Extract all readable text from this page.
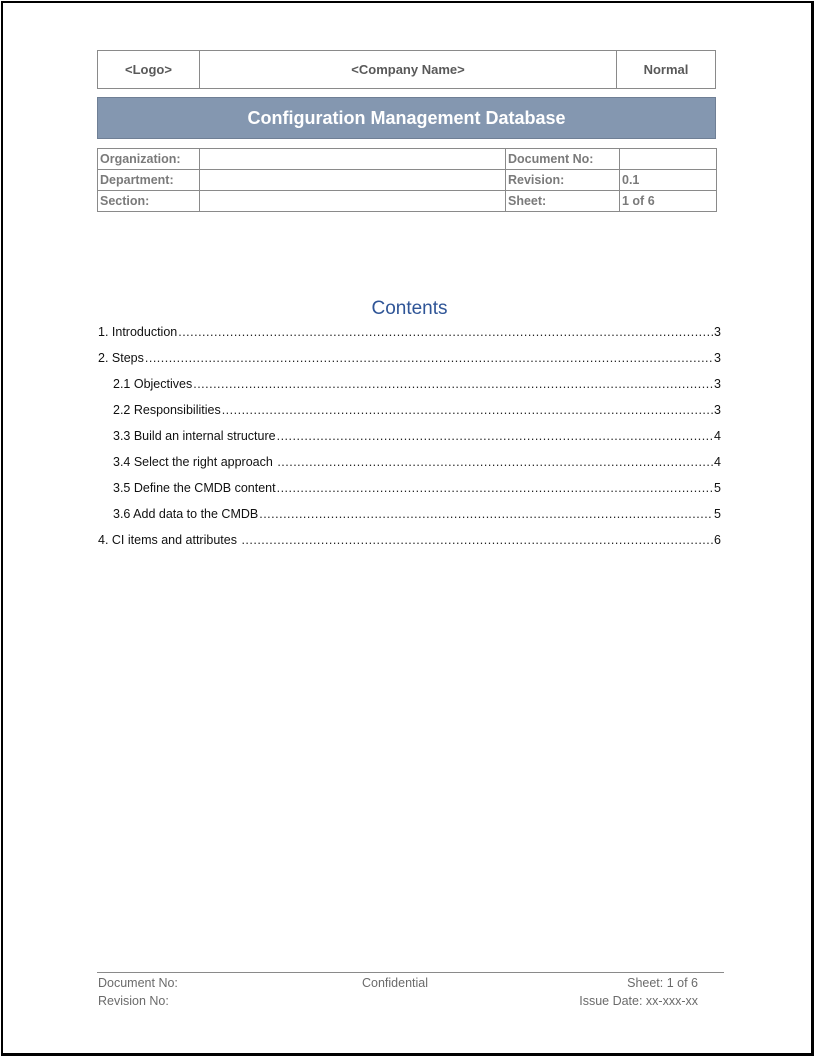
<Logo>	<Company Name>	Normal
Configuration Management Database
Organization:		Document No:	
Department:		Revision:	0.1
Section:		Sheet:	1 of 6
Contents
1. Introduction
.....	3
2. Steps
.....	3
2.1 Objectives
.....	3
2.2 Responsibilities
.....	3
3.3 Build an internal structure
.....	4
3.4 Select the right approach
.....	4
3.5 Define the CMDB content
.....	5
3.6 Add data to the CMDB
.....	5
4. CI items and attributes
.....	6
Document No:	Confidential	Sheet: 1 of 6
Revision No:	Issue Date: xx-xxx-xx
